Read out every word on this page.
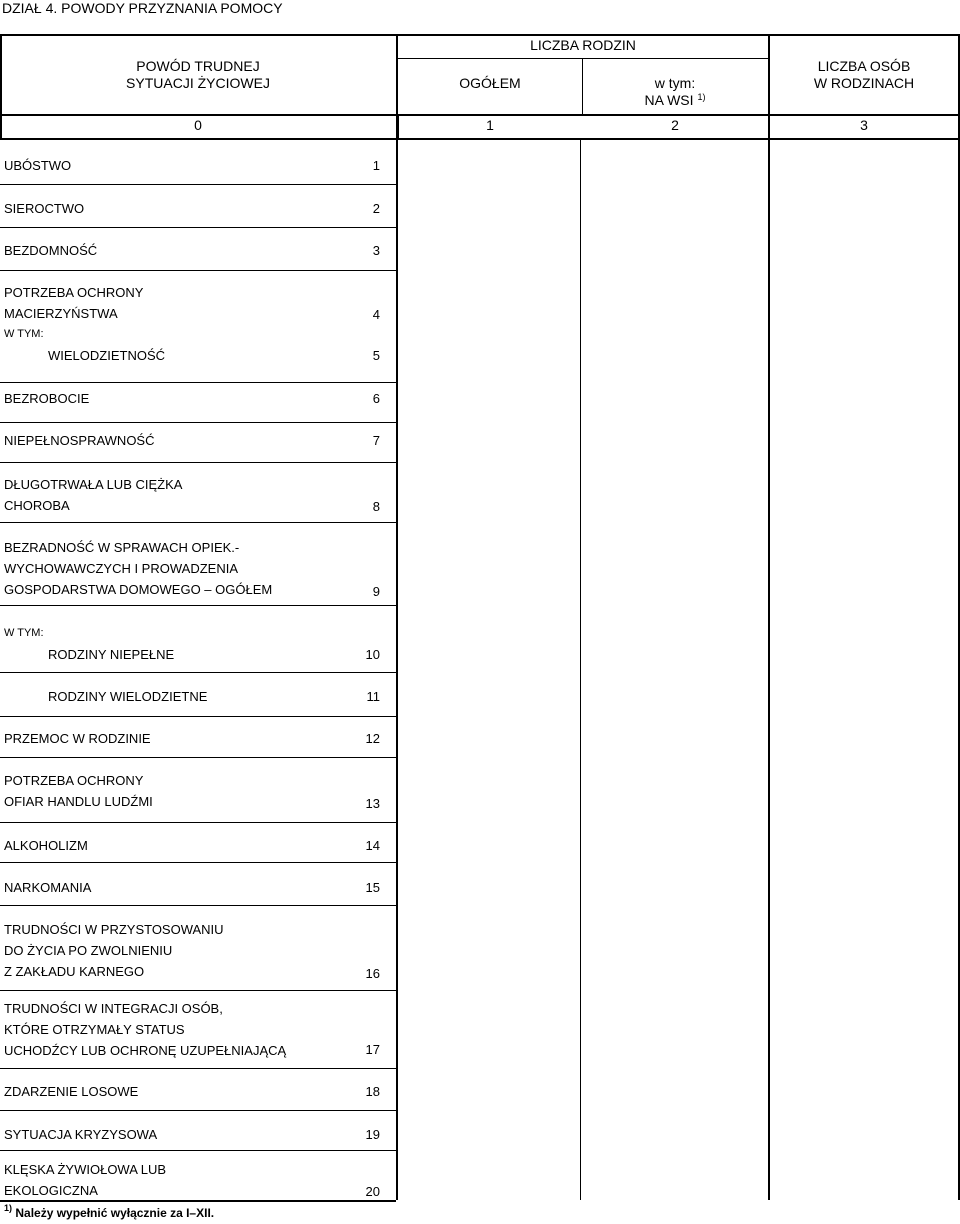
DZIAŁ 4. POWODY PRZYZNANIA POMOCY
POWÓD TRUDNEJ
SYTUACJI ŻYCIOWEJ
LICZBA RODZIN
OGÓŁEM	w tym:
NA WSI $^{1)}$
LICZBA OSÓB
W RODZINACH
0	1	2	3
UBÓSTWO	1
SIEROCTWO	2
BEZDOMNOŚĆ	3
POTRZEBA OCHRONY
MACIERZYŃSTWA	4
W TYM:
WIELODZIETNOŚĆ	5
BEZROBOCIE	6
NIEPEŁNOSPRAWNOŚĆ	7
DŁUGOTRWAŁA LUB CIĘŻKA
CHOROBA	8
BEZRADNOŚĆ W SPRAWACH OPIEK.-
WYCHOWAWCZYCH I PROWADZENIA
GOSPODARSTWA DOMOWEGO – OGÓŁEM	9
W TYM:
RODZINY NIEPEŁNE	10
RODZINY WIELODZIETNE	11
PRZEMOC W RODZINIE	12
POTRZEBA OCHRONY
OFIAR HANDLU LUDŹMI	13
ALKOHOLIZM	14
NARKOMANIA	15
TRUDNOŚCI W PRZYSTOSOWANIU
DO ŻYCIA PO ZWOLNIENIU
Z ZAKŁADU KARNEGO	16
TRUDNOŚCI W INTEGRACJI OSÓB,
KTÓRE OTRZYMAŁY STATUS
UCHODŹCY LUB OCHRONĘ UZUPEŁNIAJĄCĄ	17
ZDARZENIE LOSOWE	18
SYTUACJA KRYZYSOWA	19
KLĘSKA ŻYWIOŁOWA LUB
EKOLOGICZNA	20
$^{1)}$ Należy wypełnić wyłącznie za I–XII.
